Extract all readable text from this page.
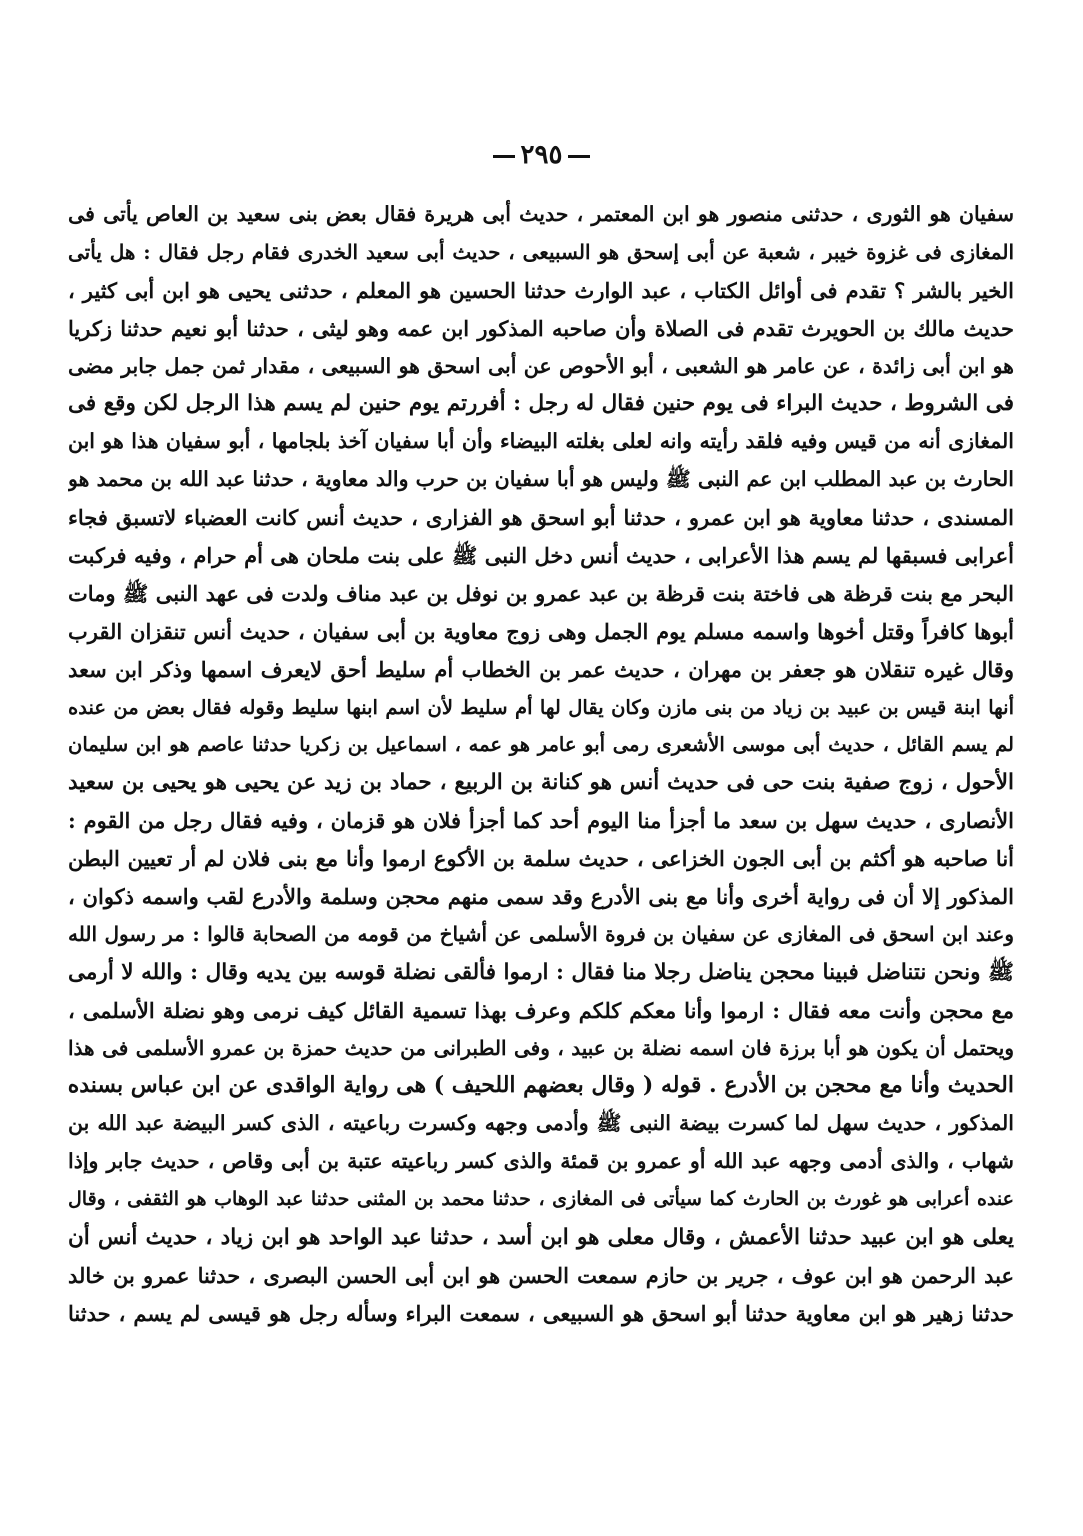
٢٩٥
سفيان هو الثورى ، حدثنى منصور هو ابن المعتمر ، حديث أبى هريرة فقال بعض بنى سعيد بن العاص يأتى فى
المغازى فى غزوة خيبر ، شعبة عن أبى إسحق هو السبيعى ، حديث أبى سعيد الخدرى فقام رجل فقال : هل يأتى
الخير بالشر ؟ تقدم فى أوائل الكتاب ، عبد الوارث حدثنا الحسين هو المعلم ، حدثنى يحيى هو ابن أبى كثير ،
حديث مالك بن الحويرث تقدم فى الصلاة وأن صاحبه المذكور ابن عمه وهو ليثى ، حدثنا أبو نعيم حدثنا زكريا
هو ابن أبى زائدة ، عن عامر هو الشعبى ، أبو الأحوص عن أبى اسحق هو السبيعى ، مقدار ثمن جمل جابر مضى
فى الشروط ، حديث البراء فى يوم حنين فقال له رجل : أفررتم يوم حنين لم يسم هذا الرجل لكن وقع فى
المغازى أنه من قيس وفيه فلقد رأيته وانه لعلى بغلته البيضاء وأن أبا سفيان آخذ بلجامها ، أبو سفيان هذا هو ابن
الحارث بن عبد المطلب ابن عم النبى ﷺ وليس هو أبا سفيان بن حرب والد معاوية ، حدثنا عبد الله بن محمد هو
المسندى ، حدثنا معاوية هو ابن عمرو ، حدثنا أبو اسحق هو الفزارى ، حديث أنس كانت العضباء لاتسبق فجاء
أعرابى فسبقها لم يسم هذا الأعرابى ، حديث أنس دخل النبى ﷺ على بنت ملحان هى أم حرام ، وفيه فركبت
البحر مع بنت قرظة هى فاختة بنت قرظة بن عبد عمرو بن نوفل بن عبد مناف ولدت فى عهد النبى ﷺ ومات
أبوها كافراً وقتل أخوها واسمه مسلم يوم الجمل وهى زوج معاوية بن أبى سفيان ، حديث أنس تنقزان القرب
وقال غيره تنقلان هو جعفر بن مهران ، حديث عمر بن الخطاب أم سليط أحق لايعرف اسمها وذكر ابن سعد
أنها ابنة قيس بن عبيد بن زياد من بنى مازن وكان يقال لها أم سليط لأن اسم ابنها سليط وقوله فقال بعض من عنده
لم يسم القائل ، حديث أبى موسى الأشعرى رمى أبو عامر هو عمه ، اسماعيل بن زكريا حدثنا عاصم هو ابن سليمان
الأحول ، زوج صفية بنت حى فى حديث أنس هو كنانة بن الربيع ، حماد بن زيد عن يحيى هو يحيى بن سعيد
الأنصارى ، حديث سهل بن سعد ما أجزأ منا اليوم أحد كما أجزأ فلان هو قزمان ، وفيه فقال رجل من القوم :
أنا صاحبه هو أكثم بن أبى الجون الخزاعى ، حديث سلمة بن الأكوع ارموا وأنا مع بنى فلان لم أر تعيين البطن
المذكور إلا أن فى رواية أخرى وأنا مع بنى الأدرع وقد سمى منهم محجن وسلمة والأدرع لقب واسمه ذكوان ،
وعند ابن اسحق فى المغازى عن سفيان بن فروة الأسلمى عن أشياخ من قومه من الصحابة قالوا : مر رسول الله
ﷺ ونحن نتناضل فبينا محجن يناضل رجلا منا فقال : ارموا فألقى نضلة قوسه بين يديه وقال : والله لا أرمى
مع محجن وأنت معه فقال : ارموا وأنا معكم كلكم وعرف بهذا تسمية القائل كيف نرمى وهو نضلة الأسلمى ،
ويحتمل أن يكون هو أبا برزة فان اسمه نضلة بن عبيد ، وفى الطبرانى من حديث حمزة بن عمرو الأسلمى فى هذا
الحديث وأنا مع محجن بن الأدرع . قوله ( وقال بعضهم اللحيف ) هى رواية الواقدى عن ابن عباس بسنده
المذكور ، حديث سهل لما كسرت بيضة النبى ﷺ وأدمى وجهه وكسرت رباعيته ، الذى كسر البيضة عبد الله بن
شهاب ، والذى أدمى وجهه عبد الله أو عمرو بن قمئة والذى كسر رباعيته عتبة بن أبى وقاص ، حديث جابر وإذا
عنده أعرابى هو غورث بن الحارث كما سيأتى فى المغازى ، حدثنا محمد بن المثنى حدثنا عبد الوهاب هو الثقفى ، وقال
يعلى هو ابن عبيد حدثنا الأعمش ، وقال معلى هو ابن أسد ، حدثنا عبد الواحد هو ابن زياد ، حديث أنس أن
عبد الرحمن هو ابن عوف ، جرير بن حازم سمعت الحسن هو ابن أبى الحسن البصرى ، حدثنا عمرو بن خالد
حدثنا زهير هو ابن معاوية حدثنا أبو اسحق هو السبيعى ، سمعت البراء وسأله رجل هو قيسى لم يسم ، حدثنا
